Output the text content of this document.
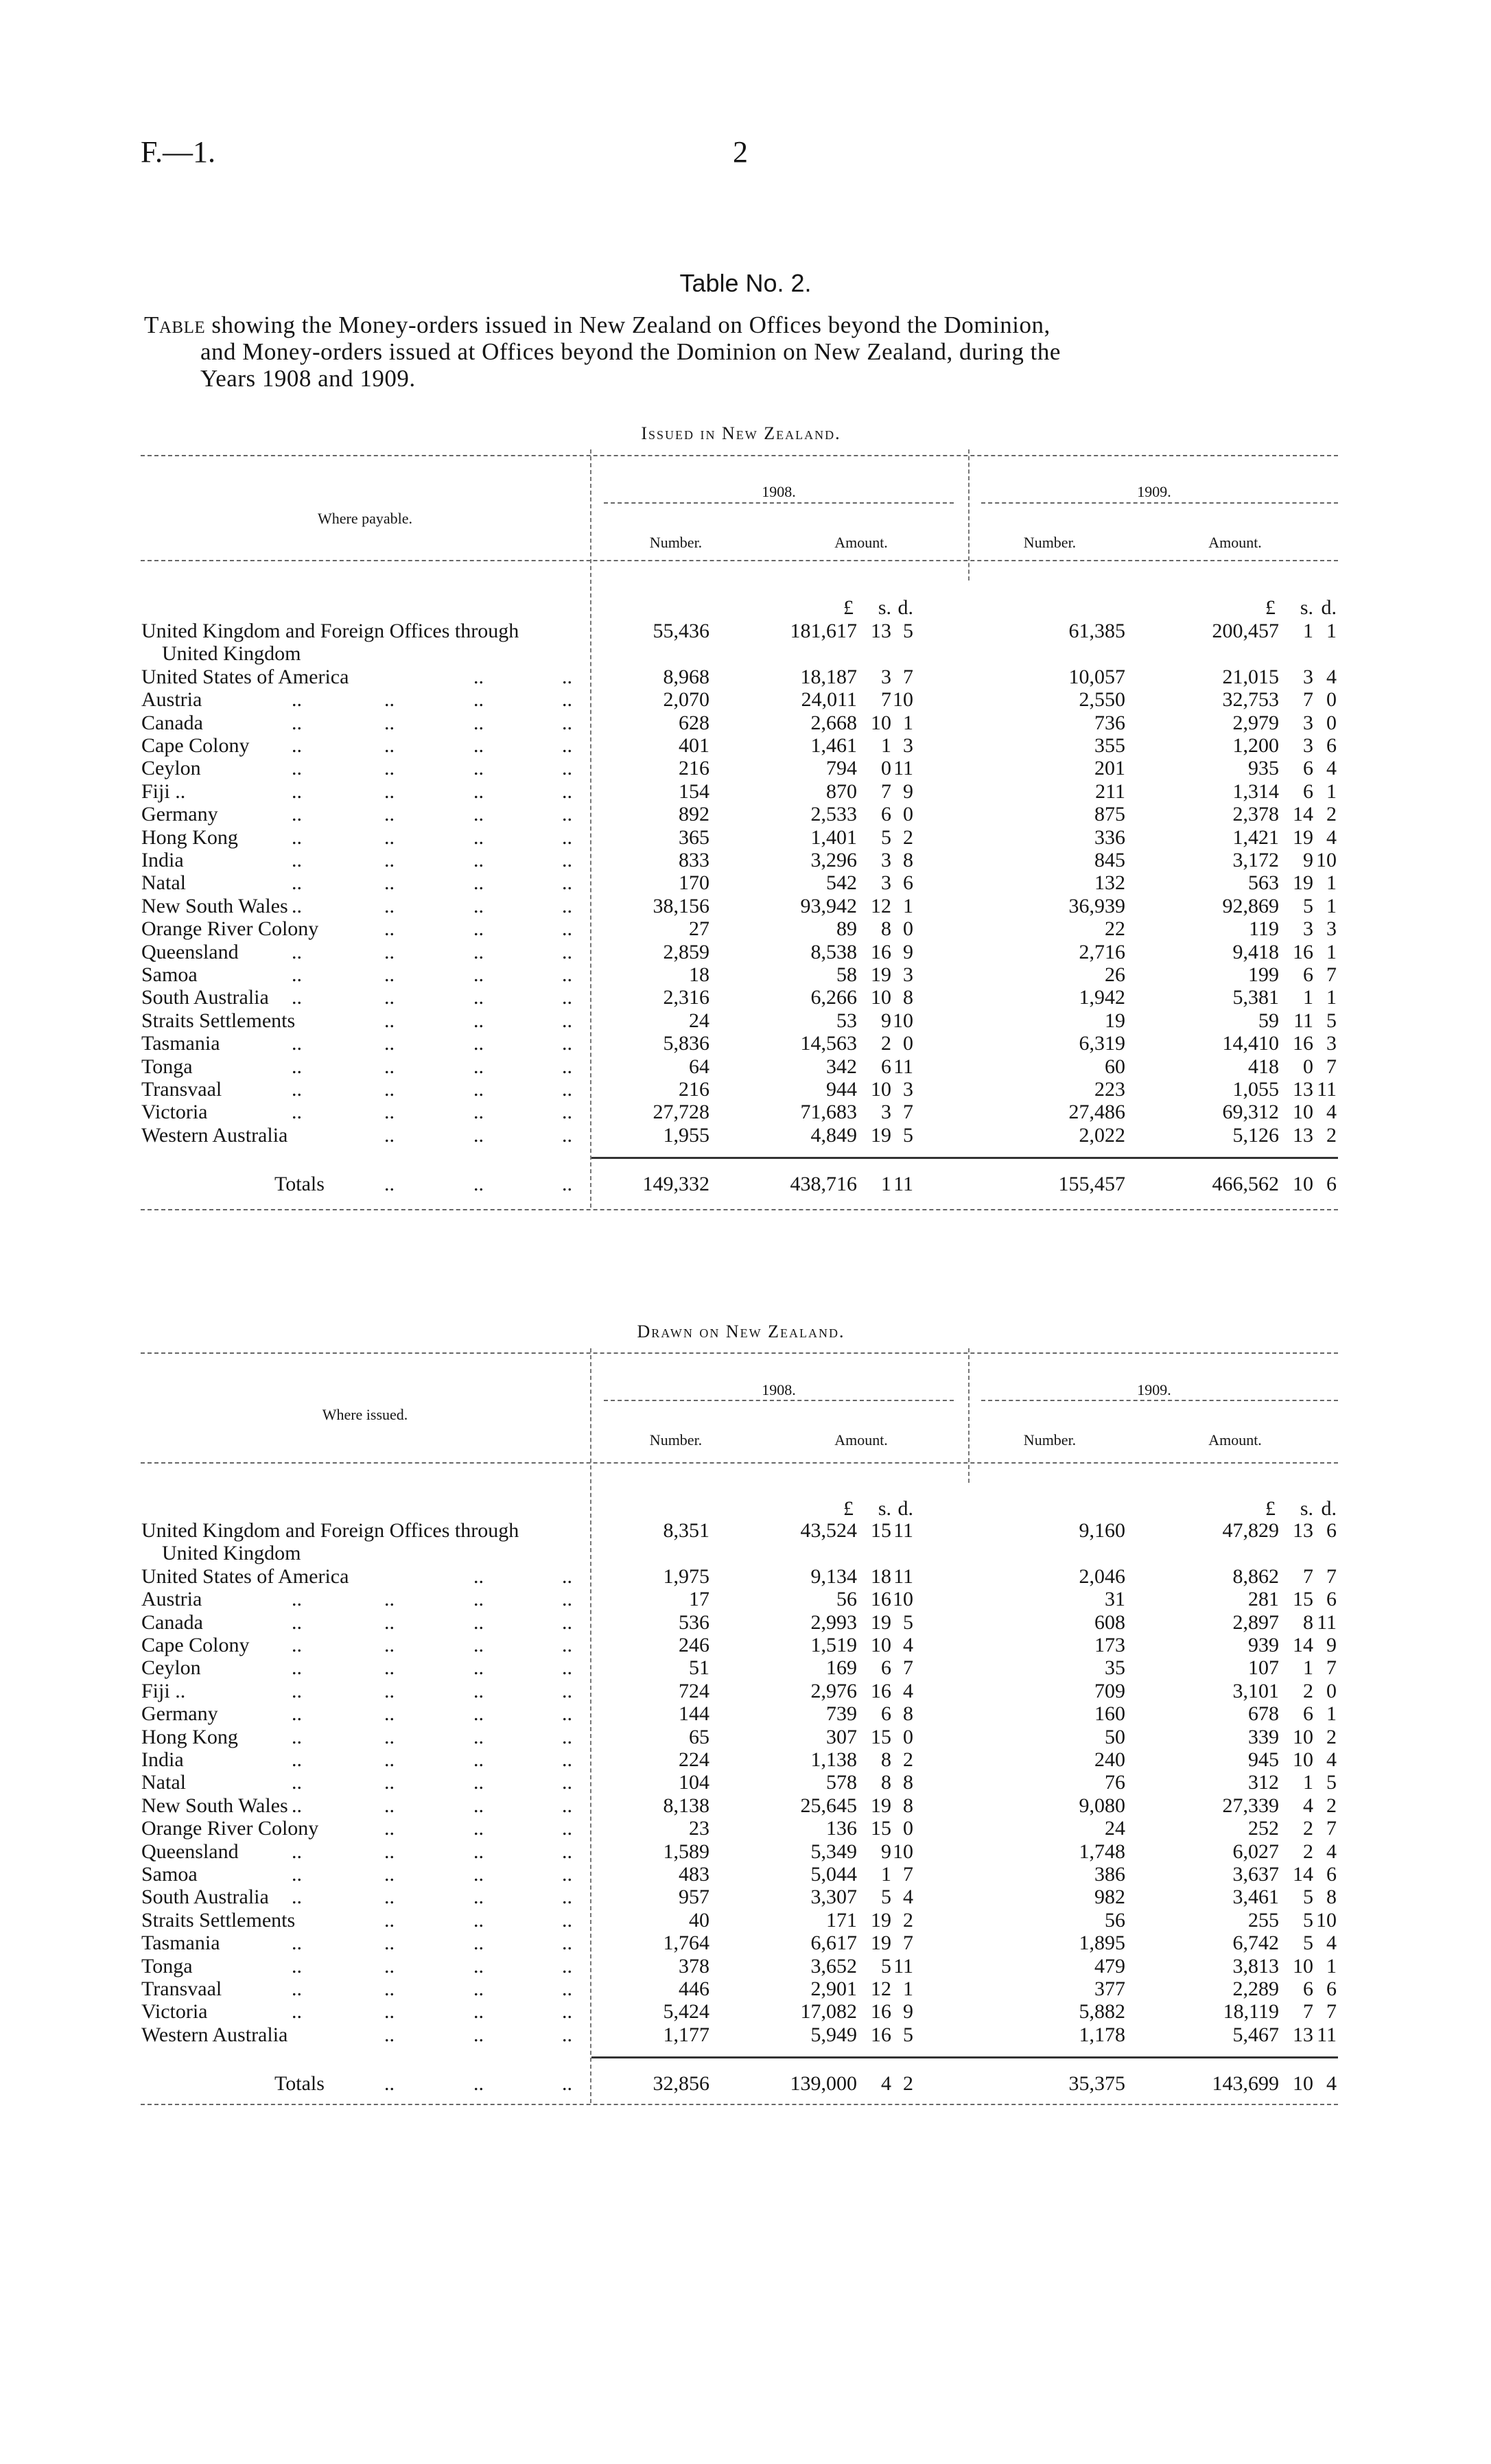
F.—1.	2
Table No. 2.

Table showing the Money-orders issued in New Zealand on Offices beyond the Dominion,

and Money-orders issued at Offices beyond the Dominion on New Zealand, during the

Years 1908 and 1909.

Issued in New Zealand.
Where payable.
1908.	1909.
Number.	Amount.	Number.	Amount.
£ s. d.	£ s. d.
United Kingdom and Foreign Offices through
United Kingdom
55,436	181,617 13 5	61,385	200,457 1 1
United States of America	..	..	8,968	18,187 3 7	10,057	21,015 3 4
Austria	..	..	..	..	2,070	24,011 7 10	2,550	32,753 7 0
Canada	..	..	..	..	628	2,668 10 1	736	2,979 3 0
Cape Colony ..	..	..	..	401	1,461 1 3	355	1,200 3 6
Ceylon	..	..	..	..	216	794 0 11	201	935 6 4
Fiji ..	..	..	..	..	154	870 7 9	211	1,314 6 1
Germany	..	..	..	..	892	2,533 6 0	875	2,378 14 2
Hong Kong	..	..	..	..	365	1,401 5 2	336	1,421 19 4
India	..	..	..	..	833	3,296 3 8	845	3,172 9 10
Natal	..	..	..	..	170	542 3 6	132	563 19 1
New South Wales ..	..	..	..	38,156	93,942 12 1	36,939	92,869 5 1
Orange River Colony	..	..	..	27	89 8 0	22	119 3 3
Queensland	..	..	..	..	2,859	8,538 16 9	2,716	9,418 16 1
Samoa	..	..	..	..	18	58 19 3	26	199 6 7
South Australia ..	..	..	..	2,316	6,266 10 8	1,942	5,381 1 1
Straits Settlements	..	..	..	24	53 9 10	19	59 11 5
Tasmania	..	..	..	..	5,836	14,563 2 0	6,319	14,410 16 3
Tonga	..	..	..	..	64	342 6 11	60	418 0 7
Transvaal	..	..	..	..	216	944 10 3	223	1,055 13 11
Victoria	..	..	..	..	27,728	71,683 3 7	27,486	69,312 10 4
Western Australia	..	..	..	1,955	4,849 19 5	2,022	5,126 13 2
Totals	..	..	..	149,332	438,716 1 11	155,457	466,562 10 6
Drawn on New Zealand.
Where issued.
1908.	1909.
Number.	Amount.	Number.	Amount.
£ s. d.	£ s. d.
United Kingdom and Foreign Offices through
United Kingdom
8,351	43,524 15 11	9,160	47,829 13 6
United States of America	..	..	1,975	9,134 18 11	2,046	8,862 7 7
Austria	..	..	..	..	17	56 16 10	31	281 15 6
Canada	..	..	..	..	536	2,993 19 5	608	2,897 8 11
Cape Colony ..	..	..	..	246	1,519 10 4	173	939 14 9
Ceylon	..	..	..	..	51	169 6 7	35	107 1 7
Fiji ..	..	..	..	..	724	2,976 16 4	709	3,101 2 0
Germany	..	..	..	..	144	739 6 8	160	678 6 1
Hong Kong	..	..	..	..	65	307 15 0	50	339 10 2
India	..	..	..	..	224	1,138 8 2	240	945 10 4
Natal	..	..	..	..	104	578 8 8	76	312 1 5
New South Wales ..	..	..	..	8,138	25,645 19 8	9,080	27,339 4 2
Orange River Colony	..	..	..	23	136 15 0	24	252 2 7
Queensland	..	..	..	..	1,589	5,349 9 10	1,748	6,027 2 4
Samoa	..	..	..	..	483	5,044 1 7	386	3,637 14 6
South Australia ..	..	..	..	957	3,307 5 4	982	3,461 5 8
Straits Settlements	..	..	..	40	171 19 2	56	255 5 10
Tasmania	..	..	..	..	1,764	6,617 19 7	1,895	6,742 5 4
Tonga	..	..	..	..	378	3,652 5 11	479	3,813 10 1
Transvaal	..	..	..	..	446	2,901 12 1	377	2,289 6 6
Victoria	..	..	..	..	5,424	17,082 16 9	5,882	18,119 7 7
Western Australia	..	..	..	1,177	5,949 16 5	1,178	5,467 13 11
Totals	..	..	..	32,856	139,000 4 2	35,375	143,699 10 4
